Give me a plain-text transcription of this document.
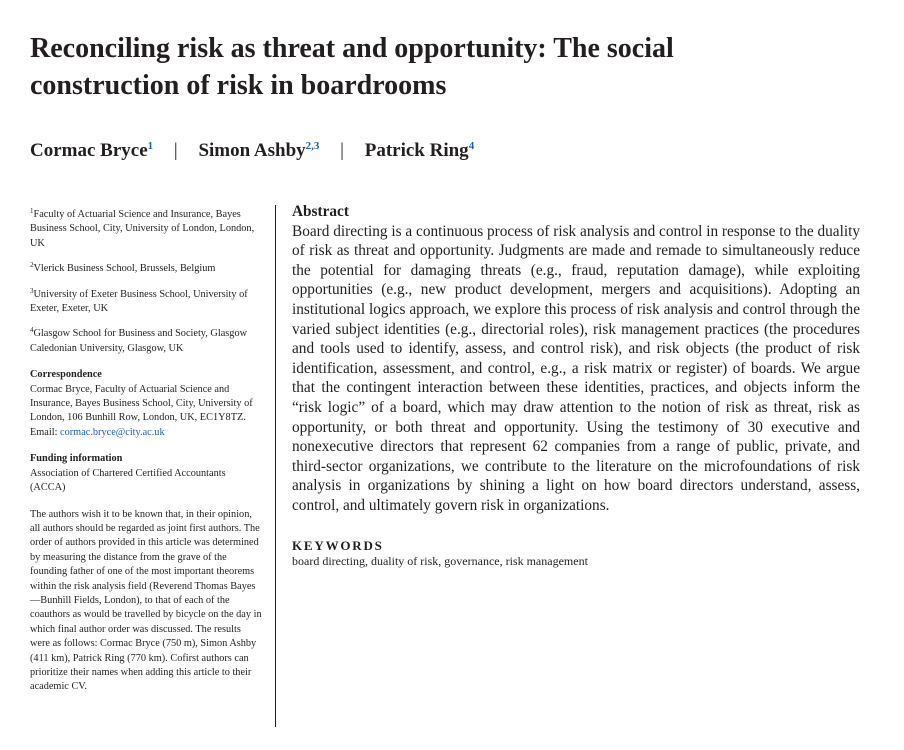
Reconciling risk as threat and opportunity: The social construction of risk in boardrooms
Cormac Bryce$^1$ | Simon Ashby$^{2,3}$ | Patrick Ring$^4$

$^1$Faculty of Actuarial Science and Insurance, Bayes Business School, City, University of London, London, UK

$^2$Vlerick Business School, Brussels, Belgium

$^3$University of Exeter Business School, University of Exeter, Exeter, UK

$^4$Glasgow School for Business and Society, Glasgow Caledonian University, Glasgow, UK

Correspondence

Cormac Bryce, Faculty of Actuarial Science and Insurance, Bayes Business School, City, University of London, 106 Bunhill Row, London, UK, EC1Y8TZ.

Email: cormac.bryce@city.ac.uk

Funding information

Association of Chartered Certified Accountants (ACCA)

The authors wish it to be known that, in their opinion, all authors should be regarded as joint first authors. The order of authors provided in this article was determined by measuring the distance from the grave of the founding father of one of the most important theorems within the risk analysis field (Reverend Thomas Bayes—Bunhill Fields, London), to that of each of the coauthors as would be travelled by bicycle on the day in which final author order was discussed. The results were as follows: Cormac Bryce (750 m), Simon Ashby (411 km), Patrick Ring (770 km). Cofirst authors can prioritize their names when adding this article to their academic CV.

Abstract

Board directing is a continuous process of risk analysis and control in response to the duality of risk as threat and opportunity. Judgments are made and remade to simultaneously reduce the potential for damaging threats (e.g., fraud, reputation damage), while exploiting opportunities (e.g., new product development, mergers and acquisitions). Adopting an institutional logics approach, we explore this process of risk analysis and control through the varied subject identities (e.g., directorial roles), risk management practices (the procedures and tools used to identify, assess, and control risk), and risk objects (the product of risk identification, assessment, and control, e.g., a risk matrix or register) of boards. We argue that the contingent interaction between these identities, practices, and objects inform the “risk logic” of a board, which may draw attention to the notion of risk as threat, risk as opportunity, or both threat and opportunity. Using the testimony of 30 executive and nonexecutive directors that represent 62 companies from a range of public, private, and third-sector organizations, we contribute to the literature on the microfoundations of risk analysis in organizations by shining a light on how board directors understand, assess, control, and ultimately govern risk in organizations.

KEYWORDS
board directing, duality of risk, governance, risk management
